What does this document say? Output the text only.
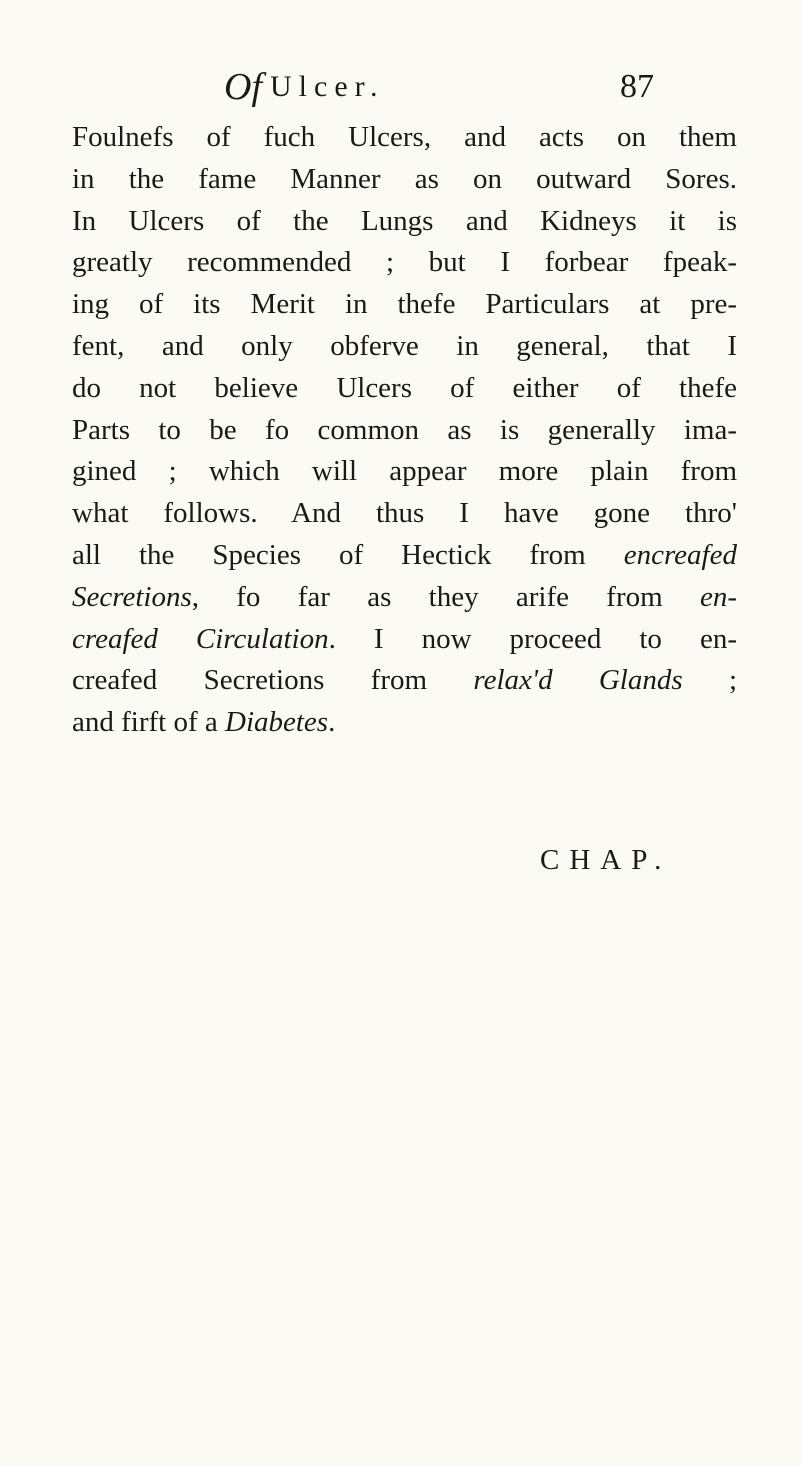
Of Ulcer.	87
Foulnefs of fuch Ulcers, and acts on them
in the fame Manner as on outward Sores.
In Ulcers of the Lungs and Kidneys it is
greatly recommended ; but I forbear fpeak-
ing of its Merit in thefe Particulars at pre-
fent, and only obferve in general, that I
do not believe Ulcers of either of thefe
Parts to be fo common as is generally ima-
gined ; which will appear more plain from
what follows. And thus I have gone thro'
all the Species of Hectick from encreafed
Secretions, fo far as they arife from en-
creafed Circulation. I now proceed to en-
creafed Secretions from relax'd Glands ;
and firft of a Diabetes.
CHAP.
